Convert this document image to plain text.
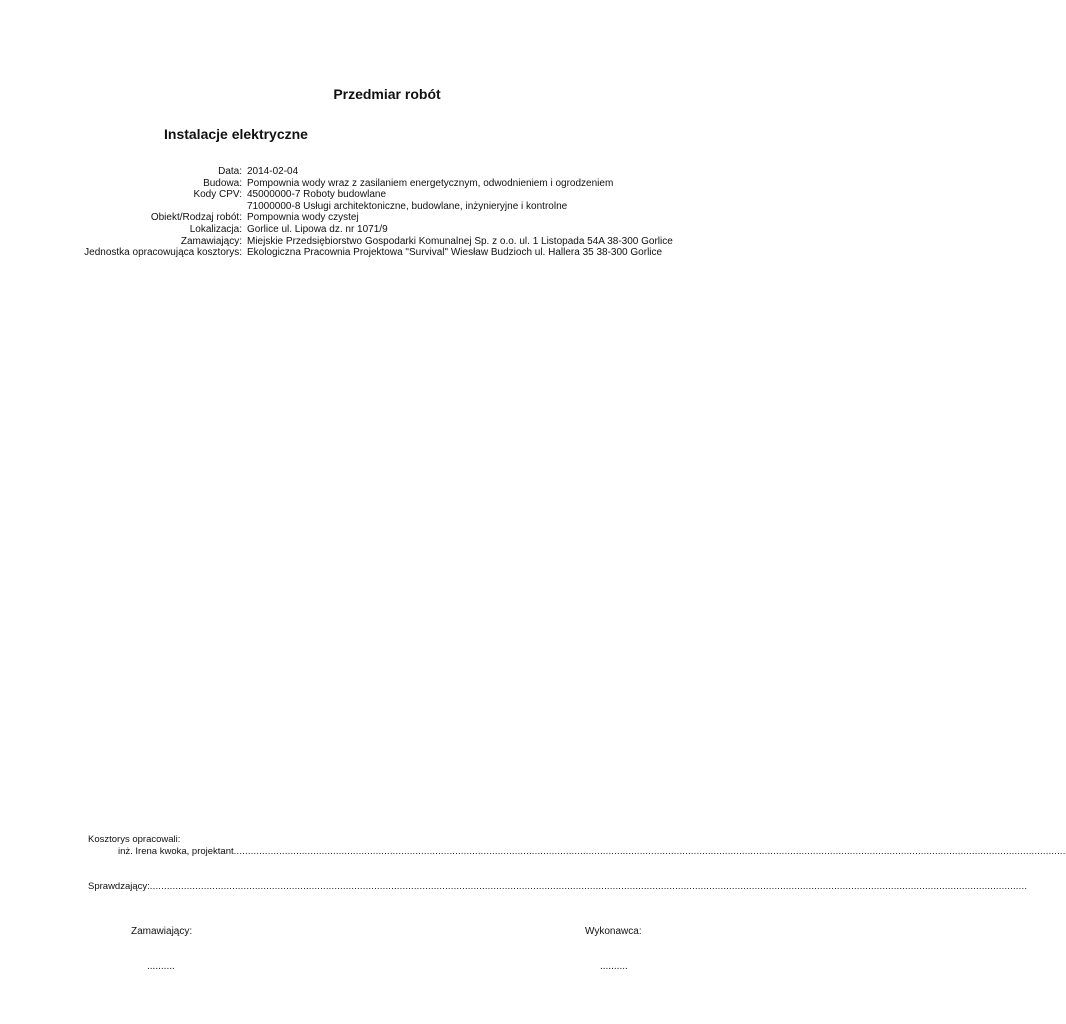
Przedmiar robót
Instalacje elektryczne
Data: 2014-02-04
Budowa: Pompownia wody wraz z zasilaniem energetycznym, odwodnieniem i ogrodzeniem
Kody CPV: 45000000-7 Roboty budowlane
71000000-8 Usługi architektoniczne, budowlane, inżynieryjne i kontrolne
Obiekt/Rodzaj robót: Pompownia wody czystej
Lokalizacja: Gorlice ul. Lipowa dz. nr 1071/9
Zamawiający: Miejskie Przedsiębiorstwo Gospodarki Komunalnej Sp. z o.o. ul. 1 Listopada 54A 38-300 Gorlice
Jednostka opracowująca kosztorys: Ekologiczna Pracownia Projektowa "Survival" Wiesław Budzioch ul. Hallera 35 38-300 Gorlice
Kosztorys opracowali:
inż. Irena kwoka, projektant .....................................................................................................................................................................................................................................................................................................
Sprawdzający: .....................................................................................................................................................................................................................................................................................................................
Zamawiający:	Wykonawca:
..........	..........
